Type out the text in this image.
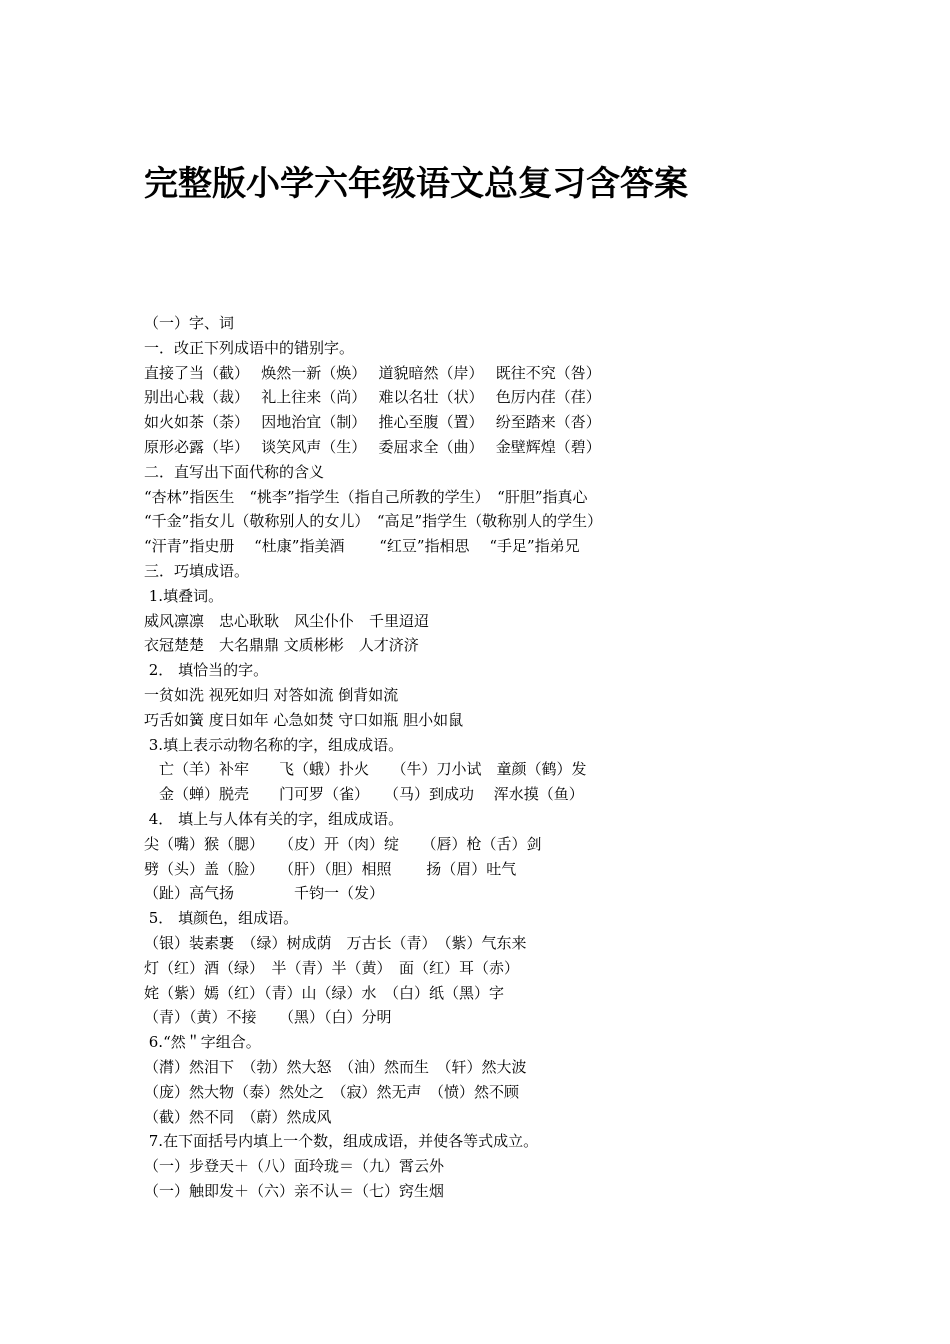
完整版小学六年级语文总复习含答案
（一）字、词
一．改正下列成语中的错别字。
直接了当（截）　 焕然一新（焕）　 道貌暗然（岸）　 既往不究（咎）
别出心栽（裁）　 礼上往来（尚）　 难以名壮（状）　 色厉内荏（荏）
如火如茶（荼）　 因地治宜（制）　 推心至腹（置）　 纷至踏来（沓）
原形必露（毕）　 谈笑风声（生）　 委屈求全（曲）　 金壁辉煌（碧）
二．直写出下面代称的含义
“杏林”指医生　“桃李”指学生（指自己所教的学生）　“肝胆”指真心
“千金”指女儿（敬称别人的女儿）　“高足”指学生（敬称别人的学生）
“汗青”指史册　 “杜康”指美酒　　 “红豆”指相思　 “手足”指弟兄
三．巧填成语。
1.填叠词。
威风凛凛　忠心耿耿　风尘仆仆　千里迢迢
衣冠楚楚　大名鼎鼎 文质彬彬　人才济济
2． 填恰当的字。
一贫如洗 视死如归 对答如流 倒背如流
巧舌如簧 度日如年 心急如焚 守口如瓶 胆小如鼠
3.填上表示动物名称的字，组成成语。
　亡（羊）补牢　　飞（蛾）扑火　　（牛）刀小试　童颜（鹤）发
　金（蝉）脱壳　　门可罗（雀）　　（马）到成功　 浑水摸（鱼）
4． 填上与人体有关的字，组成成语。
尖（嘴）猴（腮）　　（皮）开（肉）绽　　（唇）枪（舌）剑
劈（头）盖（脸）　　（肝）（胆）相照　　 扬（眉）吐气
（趾）高气扬　　　　千钧一（发）
5． 填颜色，组成语。
（银）装素裹　（绿）树成荫　万古长（青）　（紫）气东来
灯（红）酒（绿）　半（青）半（黄）　面（红）耳（赤）
姹（紫）嫣（红）（青）山（绿）水　（白）纸（黑）字
（青）（黄）不接　　（黑）（白）分明
6.“然＂字组合。
（潸）然泪下　（勃）然大怒　（油）然而生　（轩）然大波
（庞）然大物（泰）然处之　（寂）然无声　（愤）然不顾
（截）然不同　（蔚）然成风
7.在下面括号内填上一个数，组成成语，并使各等式成立。
（一）步登天＋（八）面玲珑＝（九）霄云外
（一）触即发＋（六）亲不认＝（七）窍生烟
